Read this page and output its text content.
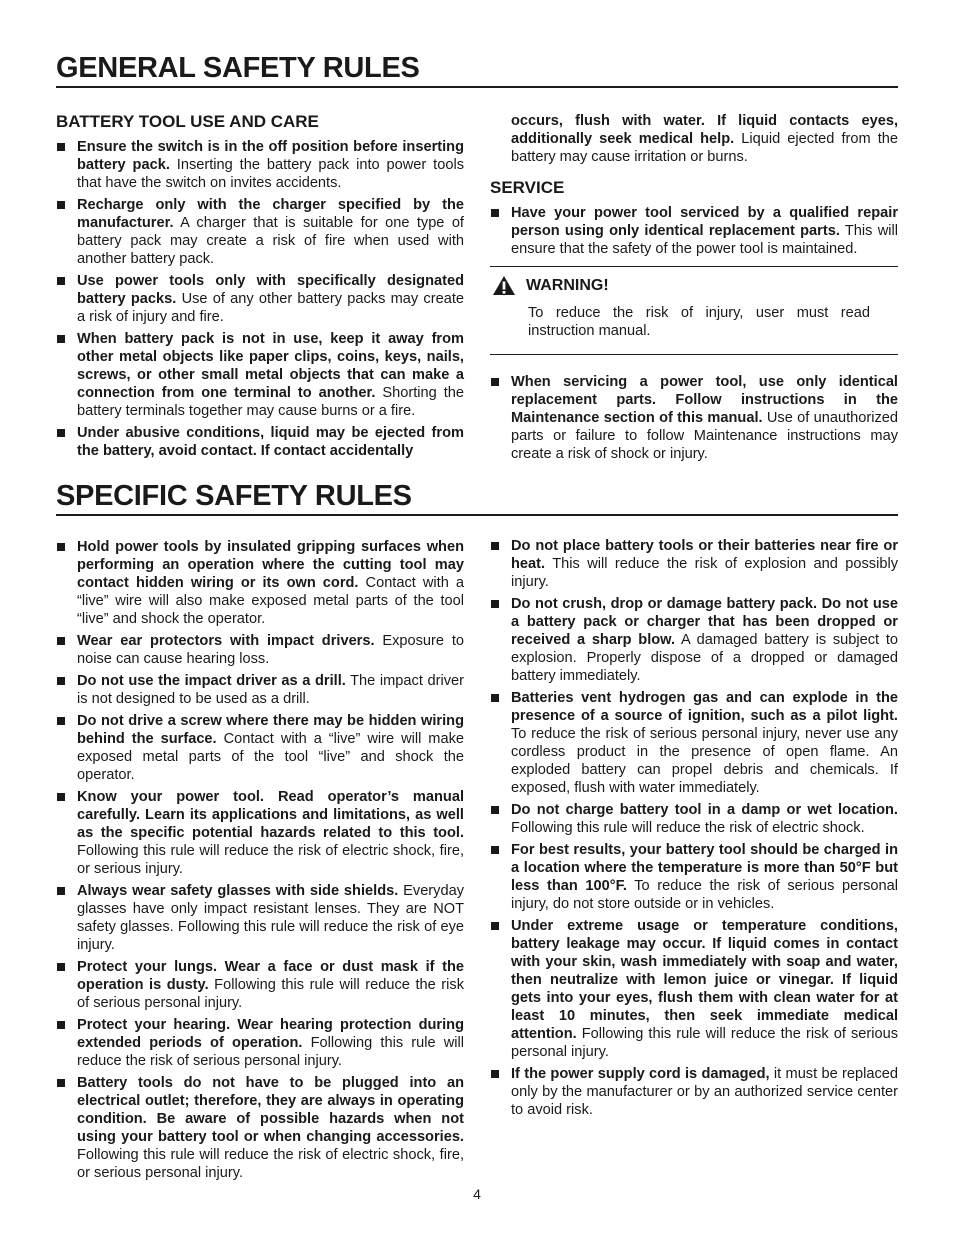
GENERAL SAFETY RULES
BATTERY TOOL USE AND CARE
Ensure the switch is in the off position before inserting battery pack. Inserting the battery pack into power tools that have the switch on invites accidents.
Recharge only with the charger specified by the manufacturer. A charger that is suitable for one type of battery pack may create a risk of fire when used with another battery pack.
Use power tools only with specifically designated battery packs. Use of any other battery packs may create a risk of injury and fire.
When battery pack is not in use, keep it away from other metal objects like paper clips, coins, keys, nails, screws, or other small metal objects that can make a connection from one terminal to another. Shorting the battery terminals together may cause burns or a fire.
Under abusive conditions, liquid may be ejected from the battery, avoid contact. If contact accidentally
occurs, flush with water. If liquid contacts eyes, additionally seek medical help. Liquid ejected from the battery may cause irritation or burns.
SERVICE
Have your power tool serviced by a qualified repair person using only identical replacement parts. This will ensure that the safety of the power tool is maintained.
WARNING!
To reduce the risk of injury, user must read instruction manual.
When servicing a power tool, use only identical replacement parts. Follow instructions in the Maintenance section of this manual. Use of unauthorized parts or failure to follow Maintenance instructions may create a risk of shock or injury.
SPECIFIC SAFETY RULES
Hold power tools by insulated gripping surfaces when performing an operation where the cutting tool may contact hidden wiring or its own cord. Contact with a “live” wire will also make exposed metal parts of the tool “live” and shock the operator.
Wear ear protectors with impact drivers. Exposure to noise can cause hearing loss.
Do not use the impact driver as a drill. The impact driver is not designed to be used as a drill.
Do not drive a screw where there may be hidden wiring behind the surface. Contact with a “live” wire will make exposed metal parts of the tool “live” and shock the operator.
Know your power tool. Read operator’s manual carefully. Learn its applications and limitations, as well as the specific potential hazards related to this tool. Following this rule will reduce the risk of electric shock, fire, or serious injury.
Always wear safety glasses with side shields. Everyday glasses have only impact resistant lenses. They are NOT safety glasses. Following this rule will reduce the risk of eye injury.
Protect your lungs. Wear a face or dust mask if the operation is dusty. Following this rule will reduce the risk of serious personal injury.
Protect your hearing. Wear hearing protection during extended periods of operation. Following this rule will reduce the risk of serious personal injury.
Battery tools do not have to be plugged into an electrical outlet; therefore, they are always in operating condition. Be aware of possible hazards when not using your battery tool or when changing accessories. Following this rule will reduce the risk of electric shock, fire, or serious personal injury.
Do not place battery tools or their batteries near fire or heat. This will reduce the risk of explosion and possibly injury.
Do not crush, drop or damage battery pack. Do not use a battery pack or charger that has been dropped or received a sharp blow. A damaged battery is subject to explosion. Properly dispose of a dropped or damaged battery immediately.
Batteries vent hydrogen gas and can explode in the presence of a source of ignition, such as a pilot light. To reduce the risk of serious personal injury, never use any cordless product in the presence of open flame. An exploded battery can propel debris and chemicals. If exposed, flush with water immediately.
Do not charge battery tool in a damp or wet location. Following this rule will reduce the risk of electric shock.
For best results, your battery tool should be charged in a location where the temperature is more than 50°F but less than 100°F. To reduce the risk of serious personal injury, do not store outside or in vehicles.
Under extreme usage or temperature conditions, battery leakage may occur. If liquid comes in contact with your skin, wash immediately with soap and water, then neutralize with lemon juice or vinegar. If liquid gets into your eyes, flush them with clean water for at least 10 minutes, then seek immediate medical attention. Following this rule will reduce the risk of serious personal injury.
If the power supply cord is damaged, it must be replaced only by the manufacturer or by an authorized service center to avoid risk.
4
